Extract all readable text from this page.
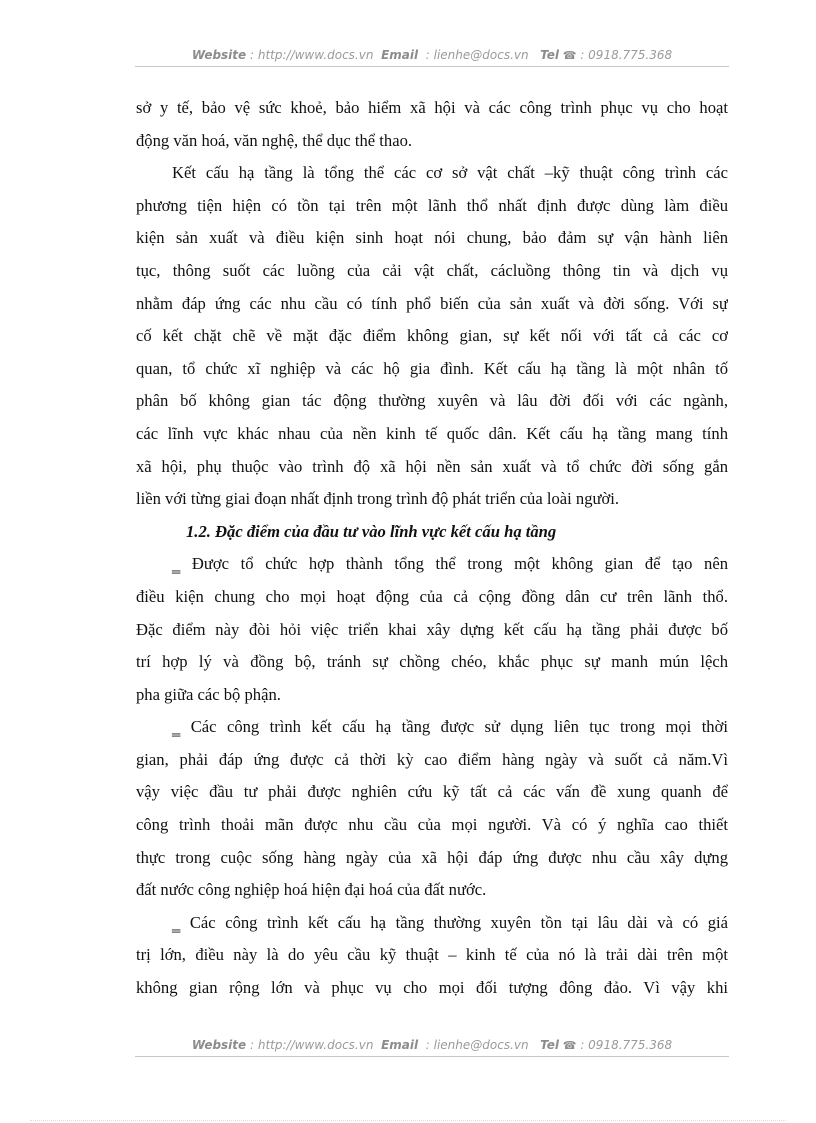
Website : http://www.docs.vn Email : lienhe@docs.vn Tel ☎ : 0918.775.368
sở y tế, bảo vệ sức khoẻ, bảo hiểm xã hội và các công trình phục vụ cho hoạt
động văn hoá, văn nghệ, thể dục thể thao.
Kết cấu hạ tầng là tổng thể các cơ sở vật chất –kỹ thuật công trình các
phương tiện hiện có tồn tại trên một lãnh thổ nhất định được dùng làm điều
kiện sản xuất và điều kiện sinh hoạt nói chung, bảo đảm sự vận hành liên
tục, thông suốt các luồng của cải vật chất, cácluồng thông tin và dịch vụ
nhằm đáp ứng các nhu cầu có tính phổ biến của sản xuất và đời sống. Với sự
cố kết chặt chẽ về mặt đặc điểm không gian, sự kết nối với tất cả các cơ
quan, tổ chức xĩ nghiệp và các hộ gia đình. Kết cấu hạ tầng là một nhân tố
phân bố không gian tác động thường xuyên và lâu đời đối với các ngành,
các lĩnh vực khác nhau của nền kinh tế quốc dân. Kết cấu hạ tầng mang tính
xã hội, phụ thuộc vào trình độ xã hội nền sản xuất và tổ chức đời sống gắn
liền với từng giai đoạn nhất định trong trình độ phát triển của loài người.
1.2. Đặc điểm của đầu tư vào lĩnh vực kết cấu hạ tầng
‗ Được tổ chức hợp thành tổng thể trong một không gian để tạo nên
điều kiện chung cho mọi hoạt động của cả cộng đồng dân cư trên lãnh thổ.
Đặc điểm này đòi hỏi việc triển khai xây dựng kết cấu hạ tầng phải được bố
trí hợp lý và đồng bộ, tránh sự chồng chéo, khắc phục sự manh mún lệch
pha giữa các bộ phận.
‗ Các công trình kết cấu hạ tầng được sử dụng liên tục trong mọi thời
gian, phải đáp ứng được cả thời kỳ cao điểm hàng ngày và suốt cả năm.Vì
vậy việc đầu tư phải được nghiên cứu kỹ tất cả các vấn đề xung quanh để
công trình thoải mãn được nhu cầu của mọi người. Và có ý nghĩa cao thiết
thực trong cuộc sống hàng ngày của xã hội đáp ứng được nhu cầu xây dựng
đất nước công nghiệp hoá hiện đại hoá của đất nước.
‗ Các công trình kết cấu hạ tầng thường xuyên tồn tại lâu dài và có giá
trị lớn, điều này là do yêu cầu kỹ thuật – kinh tế của nó là trải dài trên một
không gian rộng lớn và phục vụ cho mọi đối tượng đông đảo. Vì vậy khi
Website : http://www.docs.vn Email : lienhe@docs.vn Tel ☎ : 0918.775.368
